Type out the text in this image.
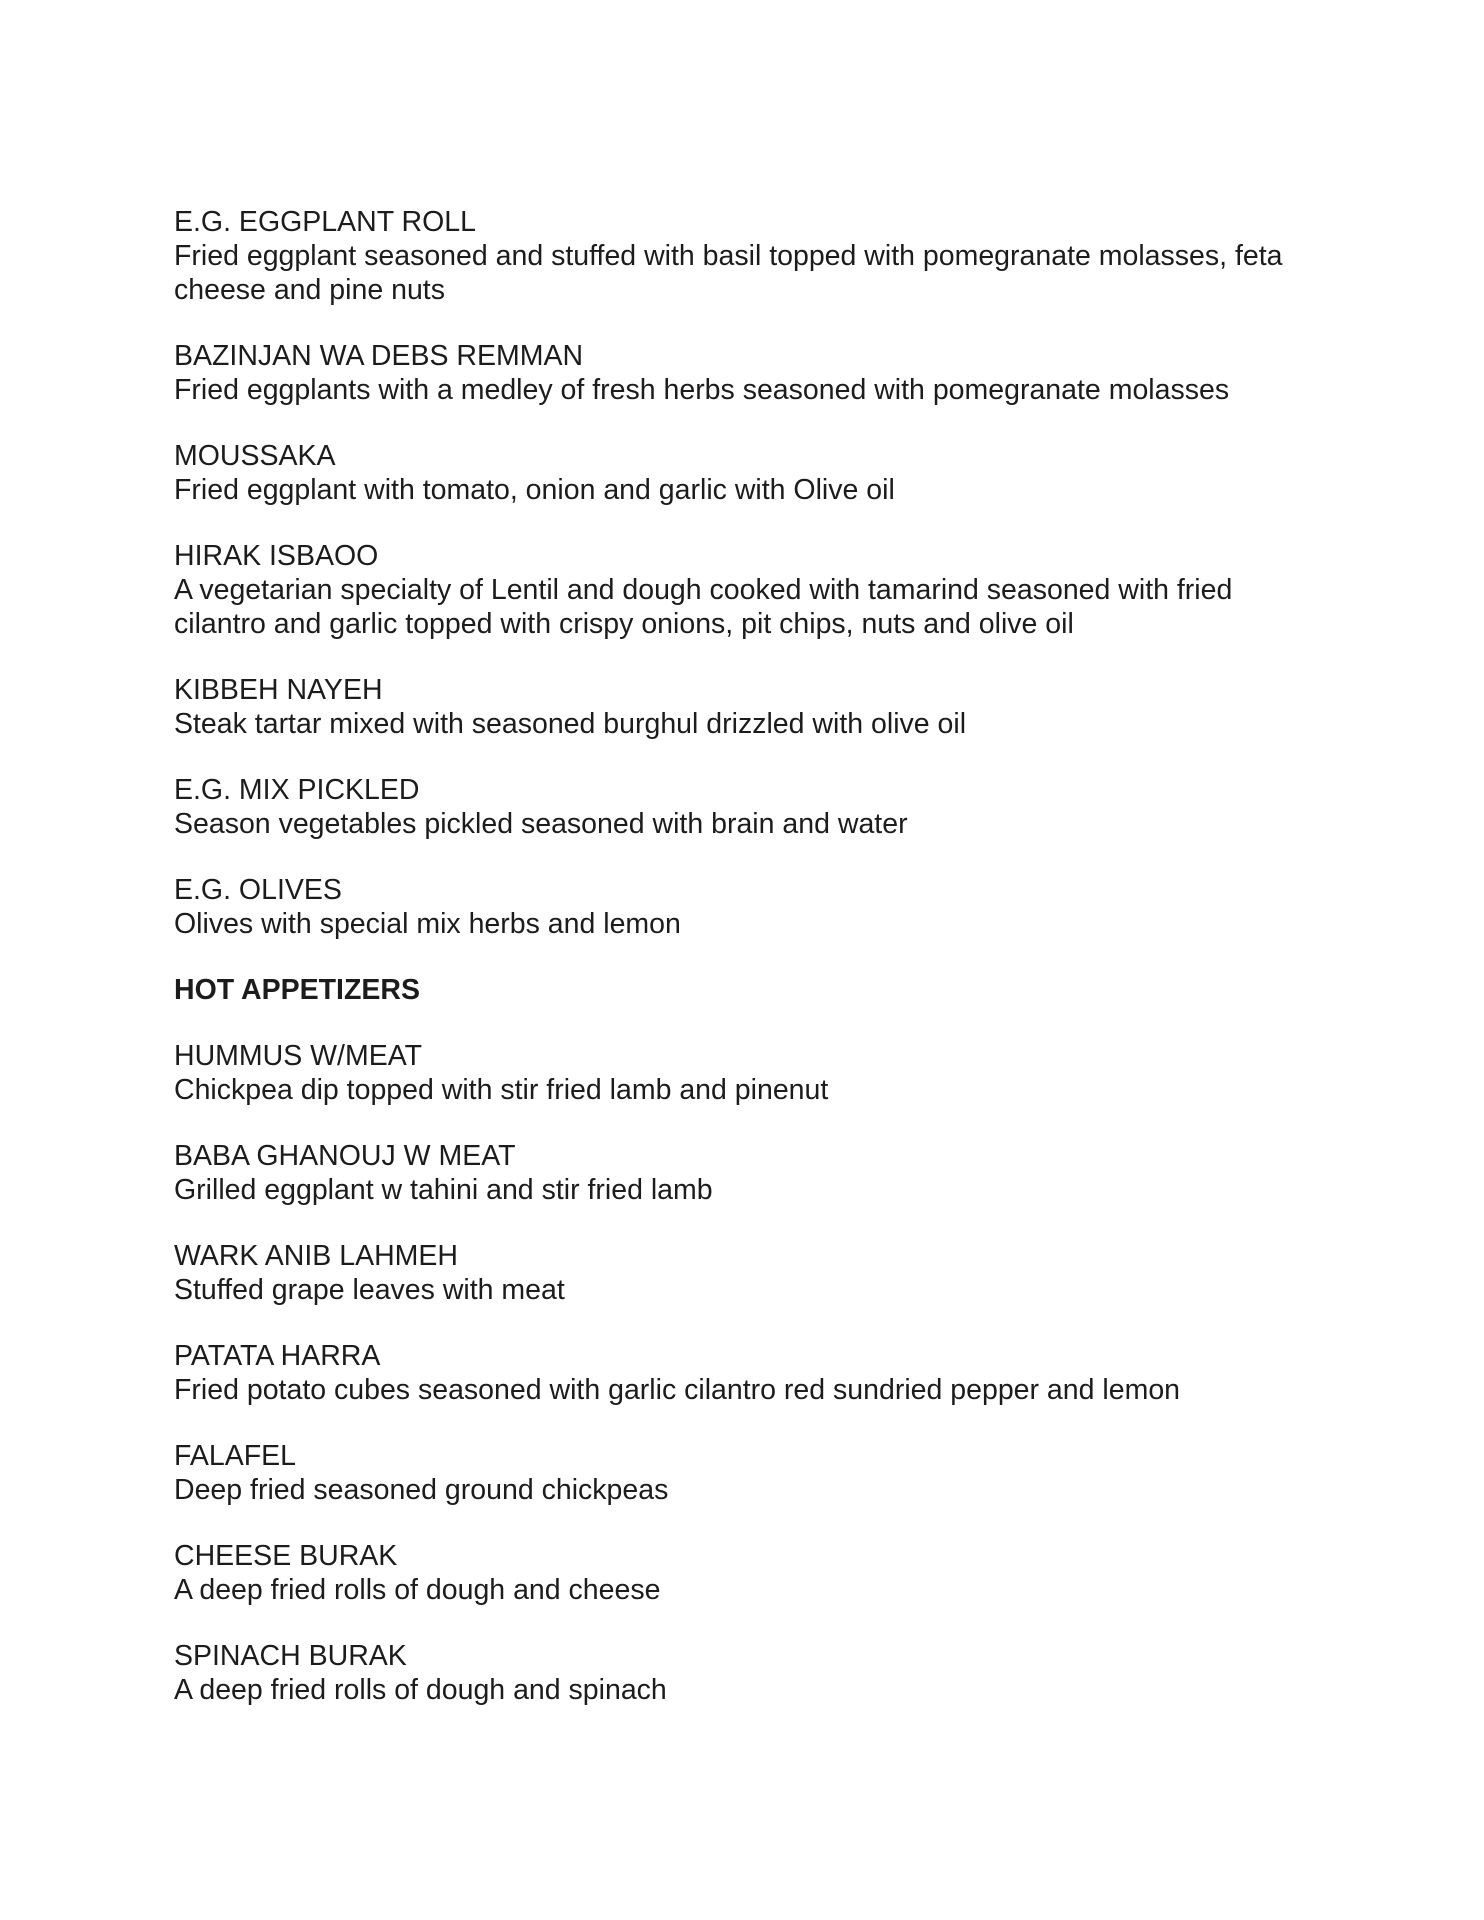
E.G. EGGPLANT ROLL
Fried eggplant seasoned and stuffed with basil topped with pomegranate molasses, feta cheese and pine nuts
BAZINJAN WA DEBS REMMAN
Fried eggplants with a medley of fresh herbs seasoned with pomegranate molasses
MOUSSAKA
Fried eggplant with tomato, onion and garlic with Olive oil
HIRAK ISBAOO
A vegetarian specialty of Lentil and dough cooked with tamarind seasoned with fried cilantro and garlic topped with crispy onions, pit chips, nuts and olive oil
KIBBEH NAYEH
Steak tartar mixed with seasoned burghul drizzled with olive oil
E.G. MIX PICKLED
Season vegetables pickled seasoned with brain and water
E.G. OLIVES
Olives with special mix herbs and lemon
HOT APPETIZERS
HUMMUS W/MEAT
Chickpea dip topped with stir fried lamb and pinenut
BABA GHANOUJ W MEAT
Grilled eggplant w tahini and stir fried lamb
WARK ANIB LAHMEH
Stuffed grape leaves with meat
PATATA HARRA
Fried potato cubes seasoned with garlic cilantro red sundried pepper and lemon
FALAFEL
Deep fried seasoned ground chickpeas
CHEESE BURAK
A deep fried rolls of dough and cheese
SPINACH BURAK
A deep fried rolls of dough and spinach
